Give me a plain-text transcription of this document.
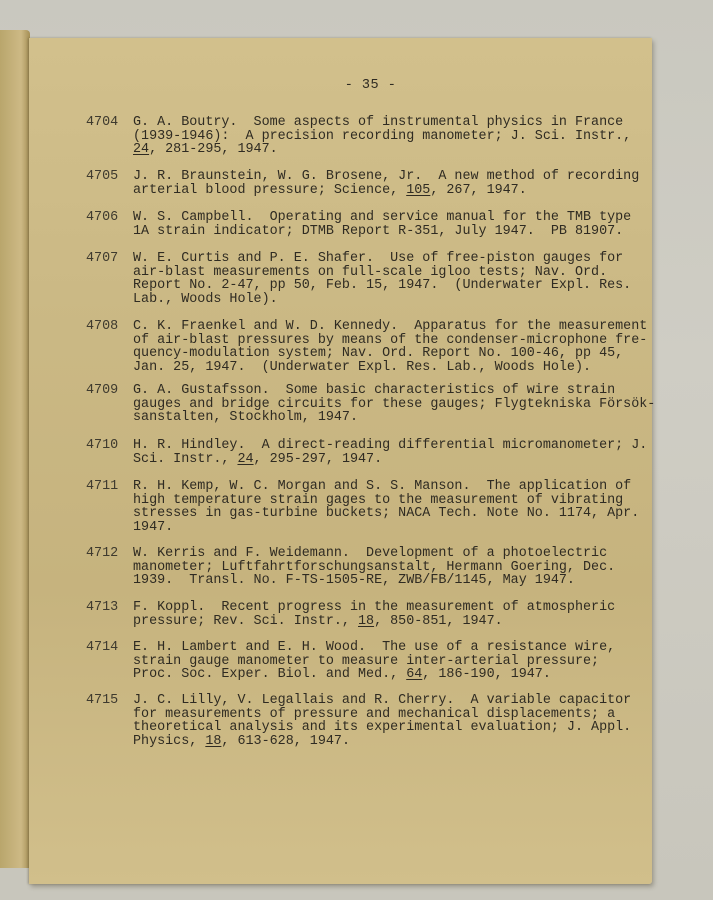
- 35 -
4704	G. A. Boutry.  Some aspects of instrumental physics in France
(1939-1946):  A precision recording manometer; J. Sci. Instr.,
24, 281-295, 1947.
4705	J. R. Braunstein, W. G. Brosene, Jr.  A new method of recording
arterial blood pressure; Science, 105, 267, 1947.
4706	W. S. Campbell.  Operating and service manual for the TMB type
1A strain indicator; DTMB Report R-351, July 1947.  PB 81907.
4707	W. E. Curtis and P. E. Shafer.  Use of free-piston gauges for
air-blast measurements on full-scale igloo tests; Nav. Ord.
Report No. 2-47, pp 50, Feb. 15, 1947.  (Underwater Expl. Res.
Lab., Woods Hole).
4708	C. K. Fraenkel and W. D. Kennedy.  Apparatus for the measurement
of air-blast pressures by means of the condenser-microphone fre-
quency-modulation system; Nav. Ord. Report No. 100-46, pp 45,
Jan. 25, 1947.  (Underwater Expl. Res. Lab., Woods Hole).
4709	G. A. Gustafsson.  Some basic characteristics of wire strain
gauges and bridge circuits for these gauges; Flygtekniska Försök-
sanstalten, Stockholm, 1947.
4710	H. R. Hindley.  A direct-reading differential micromanometer; J.
Sci. Instr., 24, 295-297, 1947.
4711	R. H. Kemp, W. C. Morgan and S. S. Manson.  The application of
high temperature strain gages to the measurement of vibrating
stresses in gas-turbine buckets; NACA Tech. Note No. 1174, Apr.
1947.
4712	W. Kerris and F. Weidemann.  Development of a photoelectric
manometer; Luftfahrtforschungsanstalt, Hermann Goering, Dec.
1939.  Transl. No. F-TS-1505-RE, ZWB/FB/1145, May 1947.
4713	F. Koppl.  Recent progress in the measurement of atmospheric
pressure; Rev. Sci. Instr., 18, 850-851, 1947.
4714	E. H. Lambert and E. H. Wood.  The use of a resistance wire,
strain gauge manometer to measure inter-arterial pressure;
Proc. Soc. Exper. Biol. and Med., 64, 186-190, 1947.
4715	J. C. Lilly, V. Legallais and R. Cherry.  A variable capacitor
for measurements of pressure and mechanical displacements; a
theoretical analysis and its experimental evaluation; J. Appl.
Physics, 18, 613-628, 1947.
